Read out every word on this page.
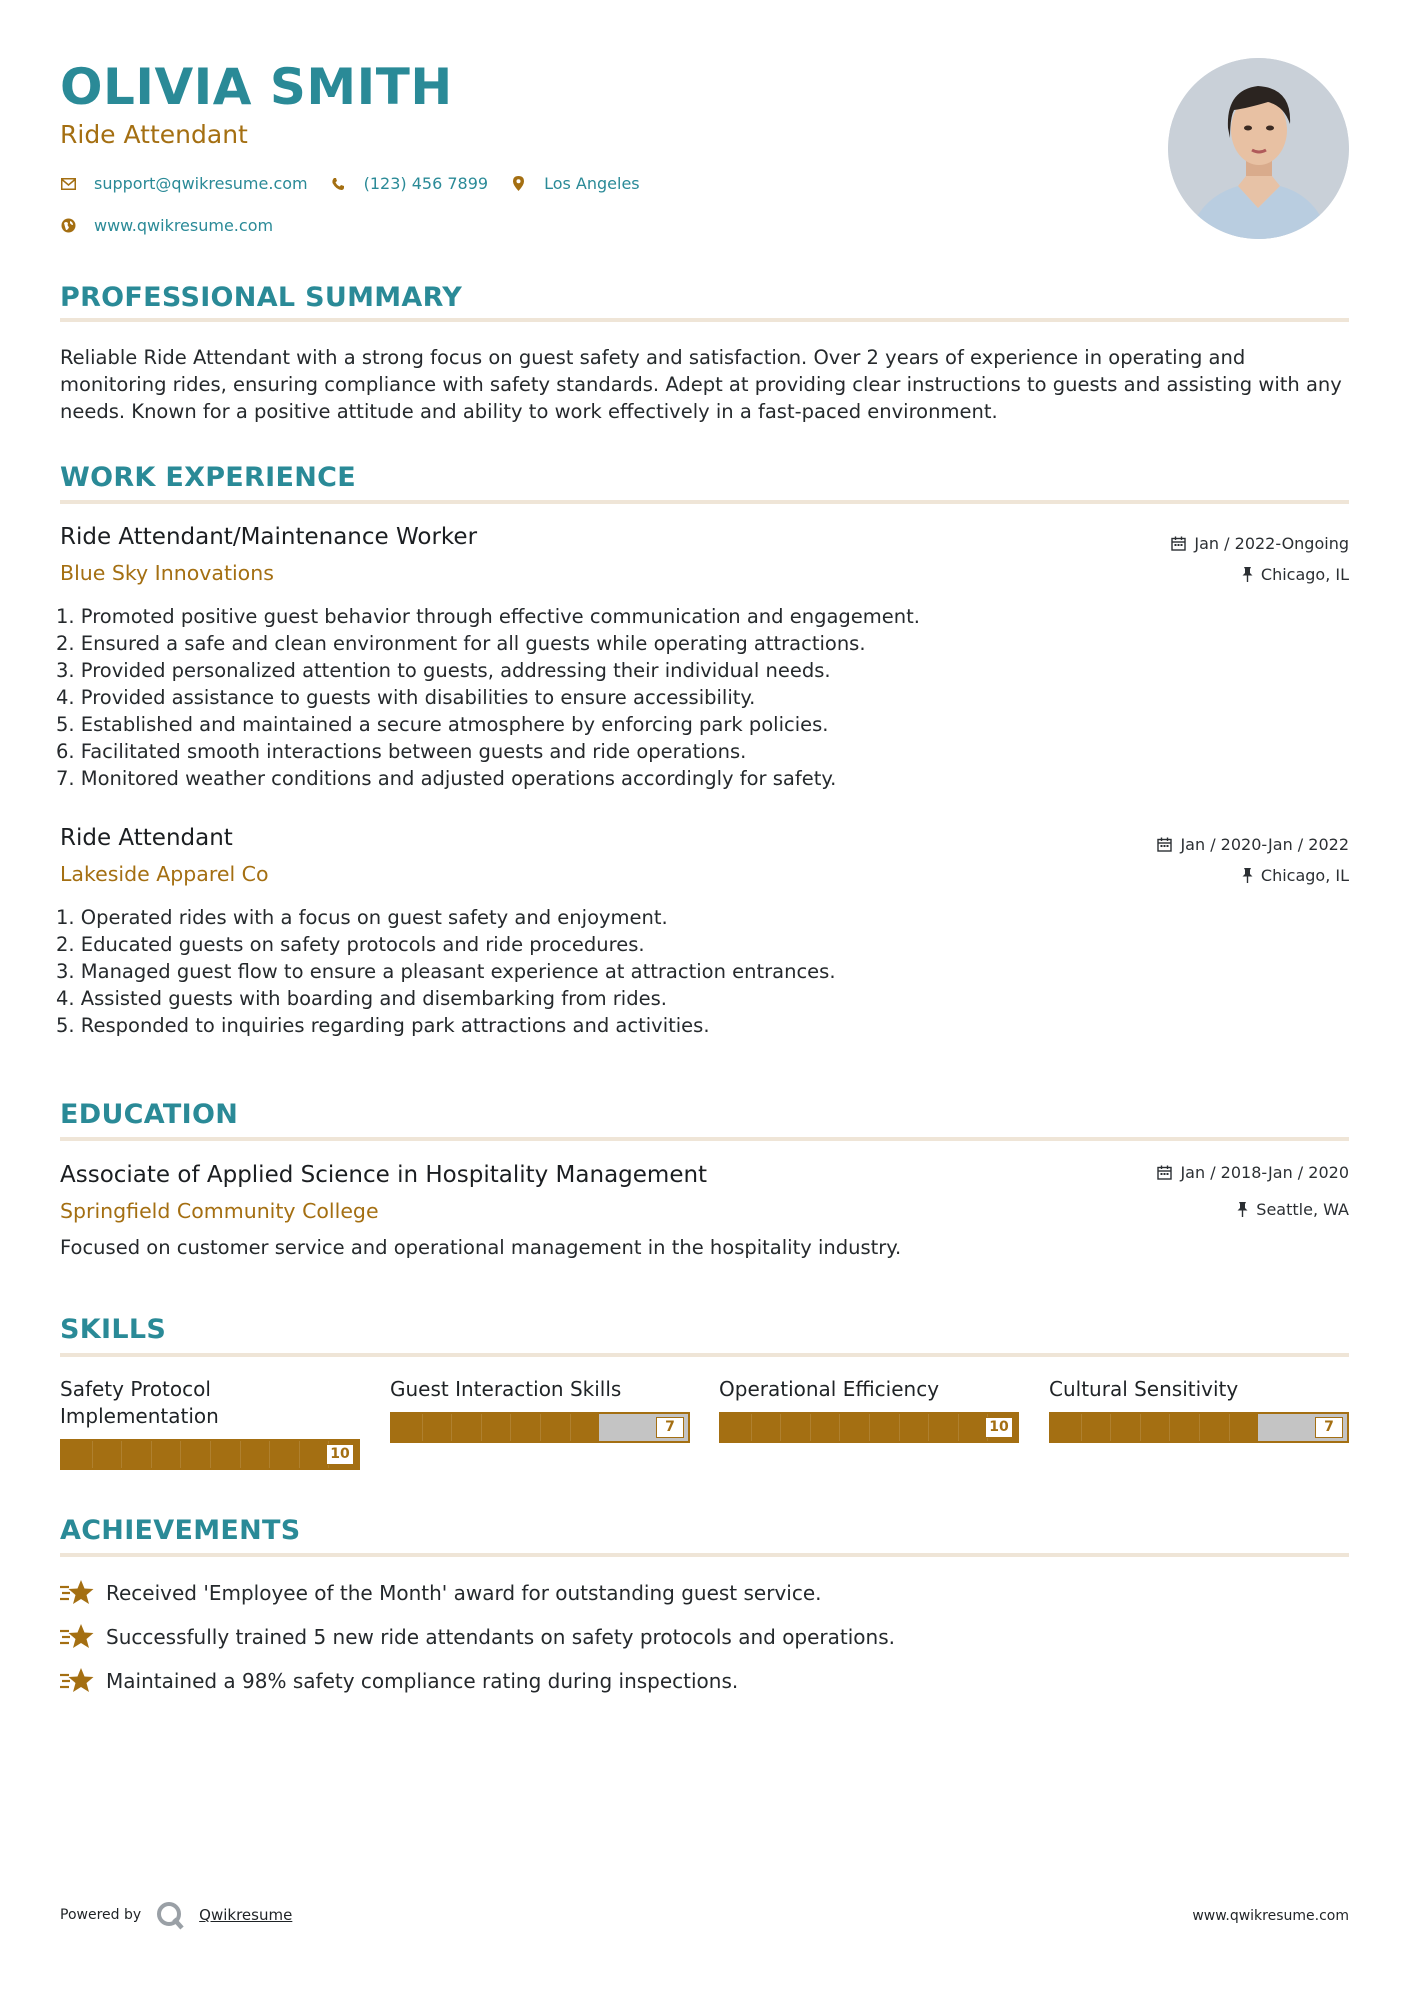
OLIVIA SMITH
Ride Attendant
support@qwikresume.com	(123) 456 7899	Los Angeles
www.qwikresume.com
PROFESSIONAL SUMMARY
Reliable Ride Attendant with a strong focus on guest safety and satisfaction. Over 2 years of experience in operating and monitoring rides, ensuring compliance with safety standards. Adept at providing clear instructions to guests and assisting with any needs. Known for a positive attitude and ability to work effectively in a fast-paced environment.
WORK EXPERIENCE
Ride Attendant/Maintenance Worker
Blue Sky Innovations
Jan / 2022-Ongoing
Chicago, IL
1. Promoted positive guest behavior through effective communication and engagement.
2. Ensured a safe and clean environment for all guests while operating attractions.
3. Provided personalized attention to guests, addressing their individual needs.
4. Provided assistance to guests with disabilities to ensure accessibility.
5. Established and maintained a secure atmosphere by enforcing park policies.
6. Facilitated smooth interactions between guests and ride operations.
7. Monitored weather conditions and adjusted operations accordingly for safety.
Ride Attendant
Lakeside Apparel Co
Jan / 2020-Jan / 2022
Chicago, IL
1. Operated rides with a focus on guest safety and enjoyment.
2. Educated guests on safety protocols and ride procedures.
3. Managed guest flow to ensure a pleasant experience at attraction entrances.
4. Assisted guests with boarding and disembarking from rides.
5. Responded to inquiries regarding park attractions and activities.
EDUCATION
Associate of Applied Science in Hospitality Management
Springfield Community College
Jan / 2018-Jan / 2020
Seattle, WA
Focused on customer service and operational management in the hospitality industry.
SKILLS
Safety Protocol
Implementation
10
Guest Interaction Skills
7
Operational Efficiency
10
Cultural Sensitivity
7
ACHIEVEMENTS
Received 'Employee of the Month' award for outstanding guest service.
Successfully trained 5 new ride attendants on safety protocols and operations.
Maintained a 98% safety compliance rating during inspections.
Powered by	Qwikresume	www.qwikresume.com
